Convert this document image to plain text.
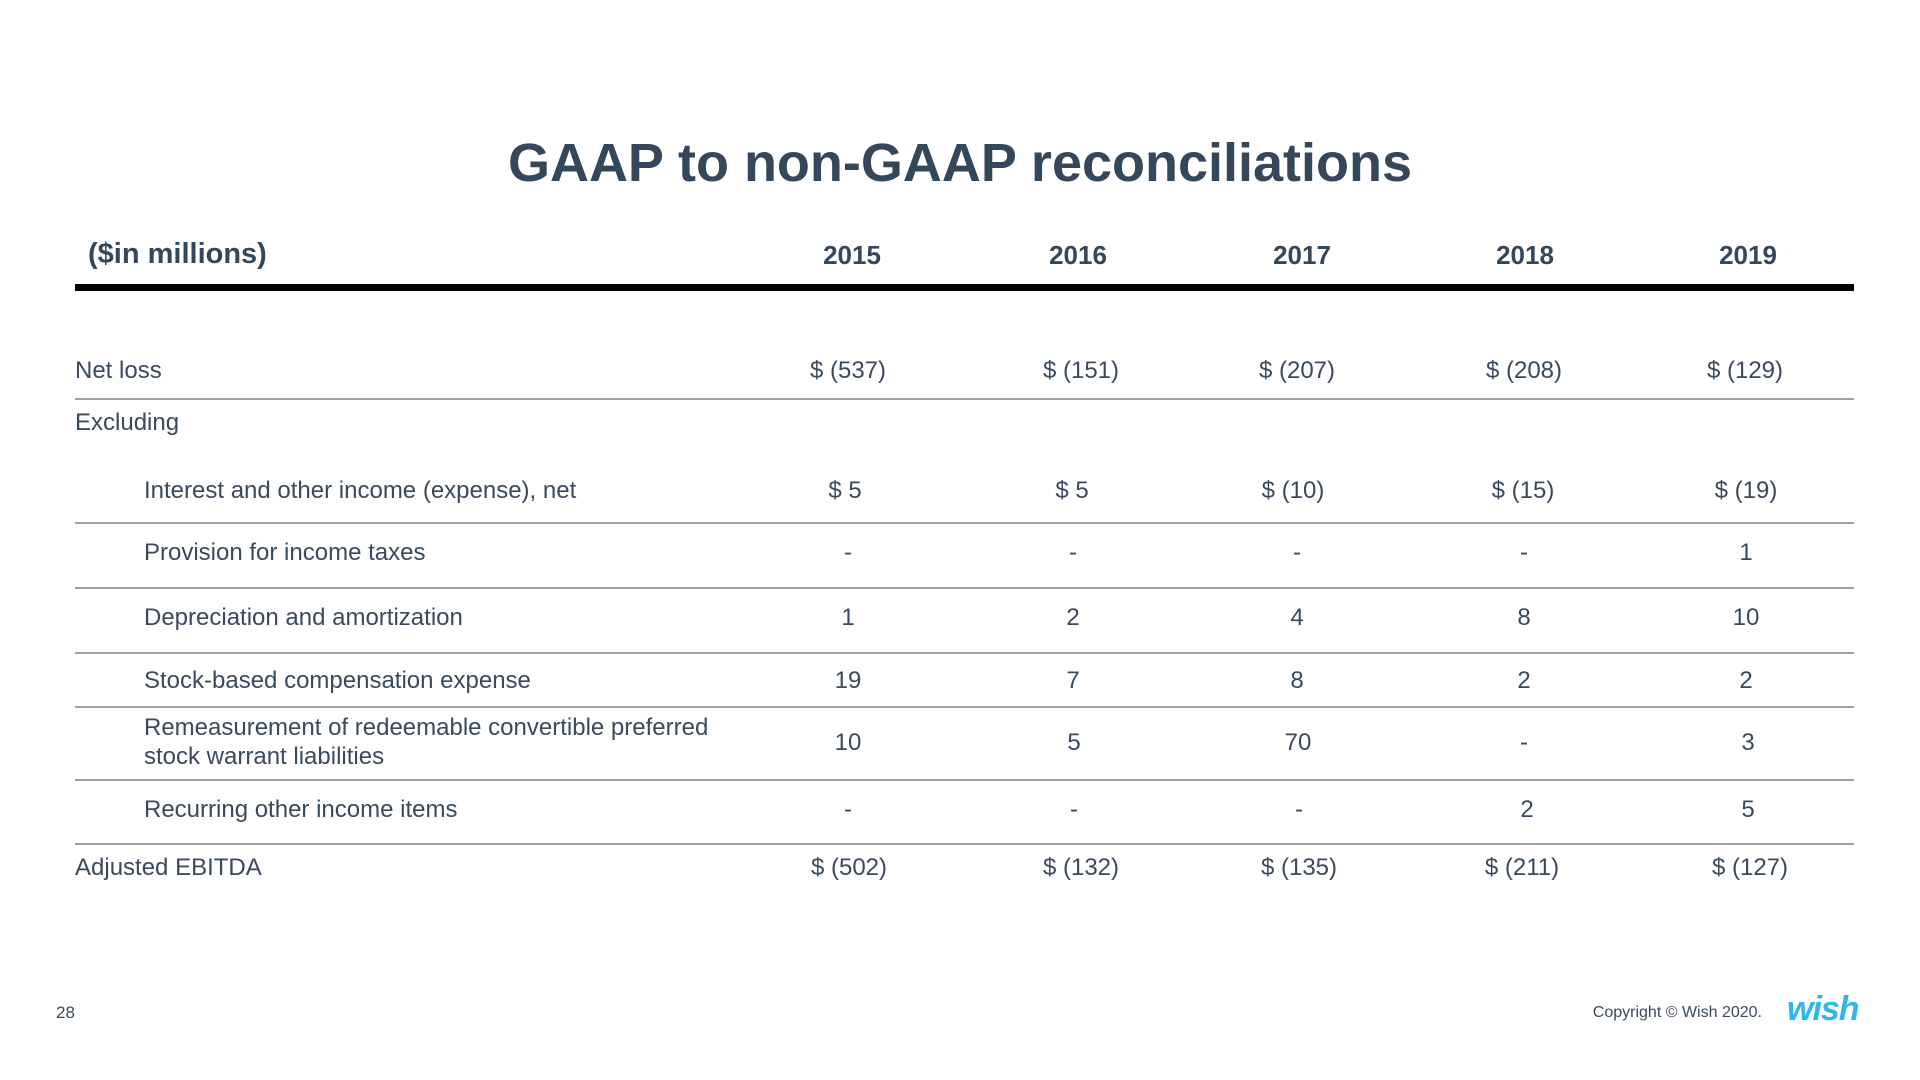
GAAP to non-GAAP reconciliations
($in millions)	2015	2016	2017	2018	2019
Net loss	$ (537)	$ (151)	$ (207)	$ (208)	$ (129)
Excluding
Interest and other income (expense), net	$ 5	$ 5	$ (10)	$ (15)	$ (19)
Provision for income taxes	-	-	-	-	1
Depreciation and amortization	1	2	4	8	10
Stock-based compensation expense	19	7	8	2	2
Remeasurement of redeemable convertible preferred
stock warrant liabilities
10	5	70	-	3
Recurring other income items	-	-	-	2	5
Adjusted EBITDA	$ (502)	$ (132)	$ (135)	$ (211)	$ (127)
28	Copyright © Wish 2020. wish
